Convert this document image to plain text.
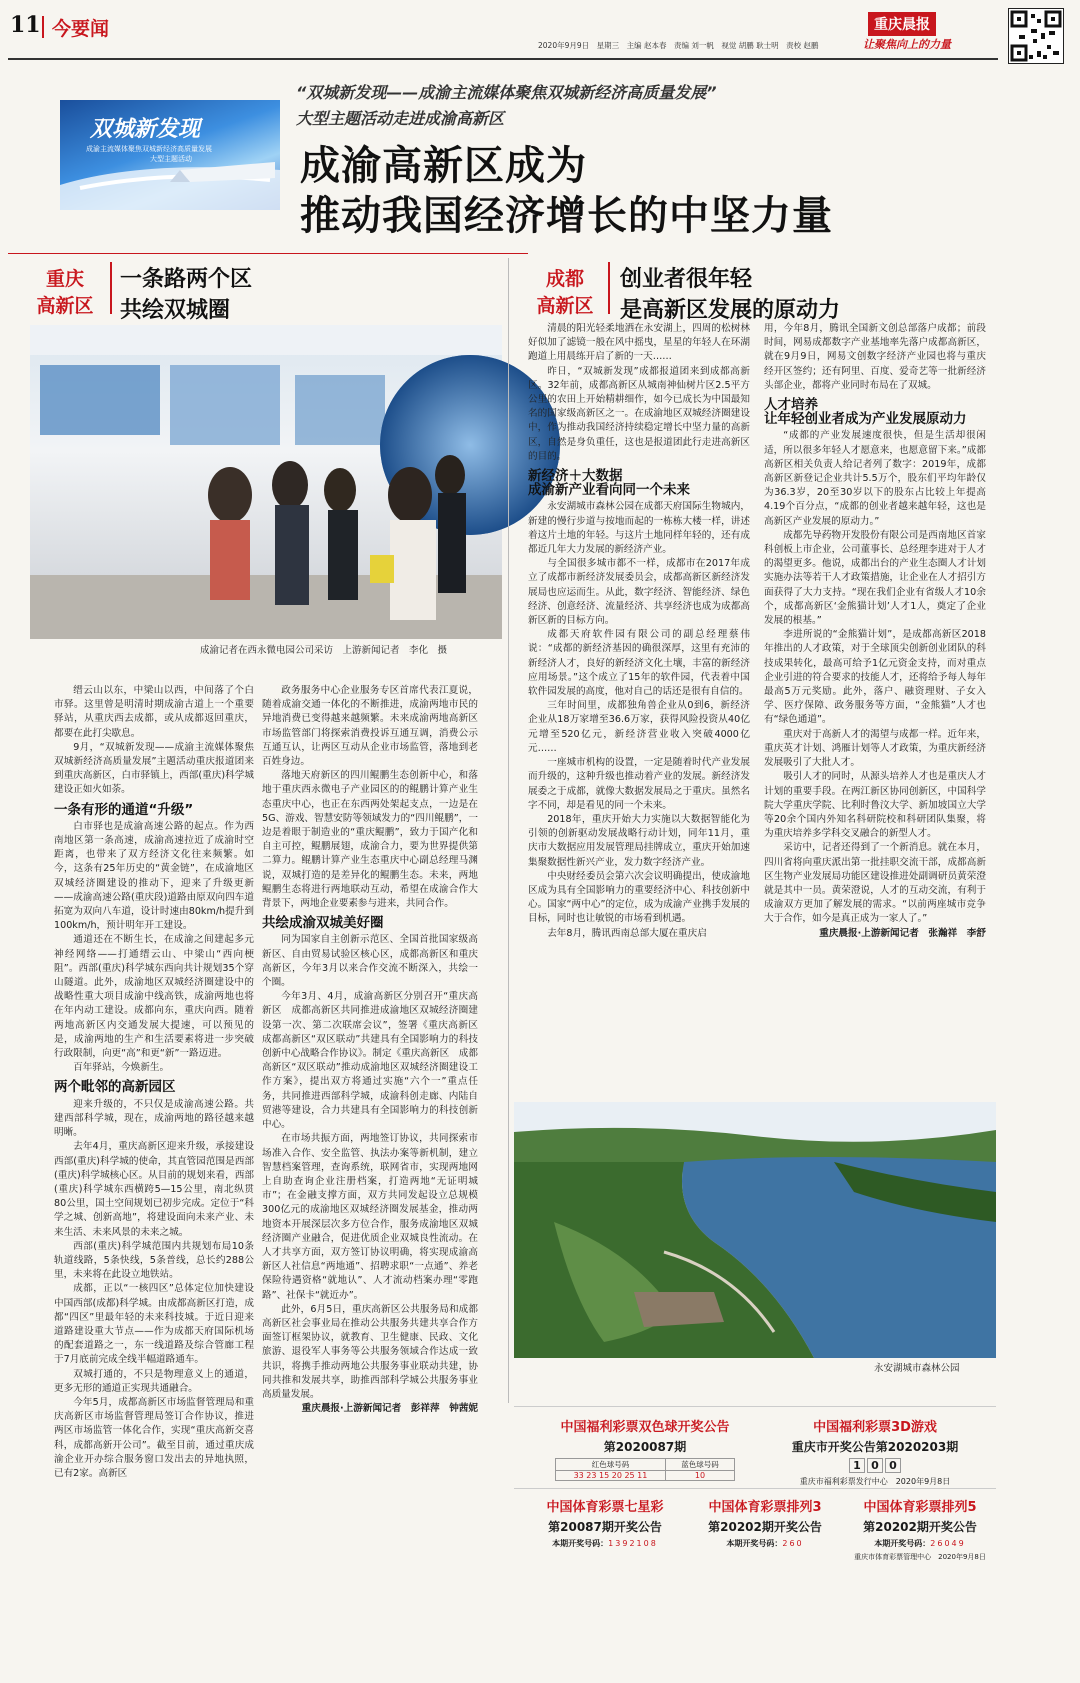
11 今要闻	重庆晨报
2020年9月9日　星期三　主编 赵本春　责编 刘一帆　视觉 胡鹏 耿士明　责校 赵鹏	让聚焦向上的力量
双城新发现
成渝主流媒体聚焦双城新经济高质量发展
大型主题活动
“双城新发现——成渝主流媒体聚焦双城新经济高质量发展”
大型主题活动走进成渝高新区
成渝高新区成为
推动我国经济增长的中坚力量
重庆
高新区
一条路两个区
共绘双城圈
成渝记者在西永微电园公司采访　上游新闻记者　李化　摄

缙云山以东，中梁山以西，中间落了个白市驿。这里曾是明清时期成渝古道上一个重要驿站，从重庆西去成都，或从成都返回重庆，都要在此打尖歇息。

9月，“双城新发现——成渝主流媒体聚焦双城新经济高质量发展”主题活动重庆报道团来到重庆高新区，白市驿镇上，西部(重庆)科学城建设正如火如荼。

一条有形的通道“升级”

白市驿也是成渝高速公路的起点。作为西南地区第一条高速，成渝高速拉近了成渝时空距离，也带来了双方经济文化往来频繁。如今，这条有25年历史的“黄金链”，在成渝地区双城经济圈建设的推动下，迎来了升级更新——成渝高速公路(重庆段)道路由原双向四车道拓宽为双向八车道，设计时速由80km/h提升到100km/h，预计明年开工建设。

通道还在不断生长，在成渝之间建起多元神经网络——打通缙云山、中梁山“西向梗阻”。西部(重庆)科学城东西向共计规划35个穿山隧道。此外，成渝地区双城经济圈建设中的战略性重大项目成渝中线高铁，成渝两地也将在年内动工建设。成都向东，重庆向西。随着两地高新区内交通发展大提速，可以预见的是，成渝两地的生产和生活要素将进一步突破行政限制，向更“高”和更“新”一路迈进。

百年驿站，今焕新生。

两个毗邻的高新园区

迎来升级的，不只仅是成渝高速公路。共建西部科学城，现在，成渝两地的路径越来越明晰。

去年4月，重庆高新区迎来升级，承接建设西部(重庆)科学城的使命，其直管园范围是西部(重庆)科学城核心区。从目前的规划来看，西部(重庆)科学城东西横跨5—15公里，南北纵贯80公里，国土空间规划已初步完成。定位于“科学之城、创新高地”，将建设面向未来产业、未来生活、未来风景的未来之城。

西部(重庆)科学城范围内共规划布局10条轨道线路，5条快线，5条普线，总长约288公里，未来将在此设立地铁站。

成都，正以“一核四区”总体定位加快建设中国西部(成都)科学城。由成都高新区打造，成都“四区”里最年轻的未来科技城。于近日迎来道路建设重大节点——作为成都天府国际机场的配套道路之一，东一线道路及综合管廊工程于7月底前完成全线半幅道路通车。

双城打通的，不只是物理意义上的通道，更多无形的通道正实现共通融合。

今年5月，成都高新区市场监督管理局和重庆高新区市场监督管理局签订合作协议，推进两区市场监管一体化合作，实现“重庆高新交喜科，成都高新开公司”。截至目前，通过重庆成渝企业开办综合服务窗口发出去的异地执照，已有2家。高新区

政务服务中心企业服务专区首席代表江夏说，随着成渝交通一体化的不断推进，成渝两地市民的异地消费已变得越来越频繁。未来成渝两地高新区市场监管部门将探索消费投诉互通互调，消费公示互通互认，让两区互动从企业市场监管，落地到老百姓身边。

落地天府新区的四川鲲鹏生态创新中心，和落地于重庆西永微电子产业园区的的鲲鹏计算产业生态重庆中心，也正在东西两处架起支点，一边是在5G、游戏、智慧安防等领域发力的“四川鲲鹏”，一边是着眼于制造业的“重庆鲲鹏”，致力于国产化和自主可控，鲲鹏展翅，成渝合力，要为世界提供第二算力。鲲鹏计算产业生态重庆中心副总经理马渊说，双城打造的是差异化的鲲鹏生态。未来，两地鲲鹏生态将进行两地联动互动，希望在成渝合作大背景下，两地企业要素参与进来，共同合作。

共绘成渝双城美好圈

同为国家自主创新示范区、全国首批国家级高新区、自由贸易试验区核心区，成都高新区和重庆高新区，今年3月以来合作交流不断深入，共绘一个圈。

今年3月、4月，成渝高新区分别召开“重庆高新区　成都高新区共同推进成渝地区双城经济圈建设第一次、第二次联席会议”，签署《重庆高新区　成都高新区“双区联动”共建具有全国影响力的科技创新中心战略合作协议》。制定《重庆高新区　成都高新区“双区联动”推动成渝地区双城经济圈建设工作方案》，提出双方将通过实施“六个一”重点任务，共同推进西部科学城，成渝科创走廊、内陆自贸港等建设，合力共建具有全国影响力的科技创新中心。

在市场共振方面，两地签订协议，共同探索市场准入合作、安全监管、执法办案等新机制，建立智慧档案管理，查询系统，联网省市，实现两地网上自助查询企业注册档案，打造两地“无证明城市”；在金融支撑方面，双方共同发起设立总规模300亿元的成渝地区双城经济圈发展基金，推动两地资本开展深层次多方位合作，服务成渝地区双城经济圈产业融合，促进优质企业双城良性流动。在人才共享方面，双方签订协议明确，将实现成渝高新区人社信息“两地通”、招聘求职“一点通”、养老保险待遇资格“就地认”、人才流动档案办理“零跑路”、社保卡“就近办”。

此外，6月5日，重庆高新区公共服务局和成都高新区社会事业局在推动公共服务共建共享合作方面签订框架协议，就教育、卫生健康、民政、文化旅游、退役军人事务等公共服务领域合作达成一致共识，将携手推动两地公共服务事业联动共建，协同共推和发展共享，助推西部科学城公共服务事业高质量发展。

重庆晨报·上游新闻记者　彭祥萍　钟茜妮

成都
高新区
创业者很年轻
是高新区发展的原动力

清晨的阳光轻柔地洒在永安湖上，四周的松树林好似加了滤镜一般在风中摇曳，星星的年轻人在环湖跑道上用晨练开启了新的一天……

昨日，“双城新发现”成都报道团来到成都高新区。32年前，成都高新区从城南神仙树片区2.5平方公里的农田上开始精耕细作，如今已成长为中国最知名的国家级高新区之一。在成渝地区双城经济圈建设中，作为推动我国经济持续稳定增长中坚力量的高新区，自然是身负重任，这也是报道团此行走进高新区的目的。

新经济＋大数据
成渝新产业看向同一个未来

永安湖城市森林公园在成都天府国际生物城内，新建的慢行步道与按地而起的一栋栋大楼一样，讲述着这片土地的年轻。与这片土地同样年轻的，还有成都近几年大力发展的新经济产业。

与全国很多城市都不一样，成都市在2017年成立了成都市新经济发展委员会，成都高新区新经济发展局也应运而生。从此，数字经济、智能经济、绿色经济、创意经济、流量经济、共享经济也成为成都高新区新的目标方向。

成都天府软件园有限公司的副总经理蔡伟说：“成都的新经济基因的确很深厚，这里有充沛的新经济人才，良好的新经济文化土壤，丰富的新经济应用场景。”这个成立了15年的软件园，代表着中国软件园发展的高度，他对自己的话还是很有自信的。

三年时间里，成都独角兽企业从0到6，新经济企业从18万家增至36.6万家，获得风险投资从40亿元增至520亿元，新经济营业收入突破4000亿元……

一座城市机构的设置，一定是随着时代产业发展而升级的，这种升级也推动着产业的发展。新经济发展委之于成都，就像大数据发展局之于重庆。虽然名字不同，却是看见的同一个未来。

2018年，重庆开始大力实施以大数据智能化为引领的创新驱动发展战略行动计划，同年11月，重庆市大数据应用发展管理局挂牌成立，重庆开始加速集聚数据性新兴产业，发力数字经济产业。

中央财经委员会第六次会议明确提出，使成渝地区成为具有全国影响力的重要经济中心、科技创新中心。国家“两中心”的定位，成为成渝产业携手发展的目标，同时也让敏锐的市场看到机遇。

去年8月，腾讯西南总部大厦在重庆启

用，今年8月，腾讯全国新文创总部落户成都；前段时间，网易成都数字产业基地率先落户成都高新区，就在9月9日，网易文创数字经济产业园也将与重庆经开区签约；还有阿里、百度、爱奇艺等一批新经济头部企业，都将产业同时布局在了双城。

人才培养
让年轻创业者成为产业发展原动力

“成都的产业发展速度很快，但是生活却很闲适，所以很多年轻人才愿意来，也愿意留下来。”成都高新区相关负责人给记者列了数字：2019年，成都高新区新登记企业共计5.5万个，股东们平均年龄仅为36.3岁，20至30岁以下的股东占比较上年提高4.19个百分点，“成都的创业者越来越年轻，这也是高新区产业发展的原动力。”

成都先导药物开发股份有限公司是西南地区首家科创板上市企业，公司董事长、总经理李进对于人才的渴望更多。他说，成都出台的产业生态圈人才计划实施办法等若干人才政策措施，让企业在人才招引方面获得了大力支持。“现在我们企业有省级人才10余个，成都高新区‘金熊猫计划’人才1人，奠定了企业发展的根基。”

李进所说的“金熊猫计划”，是成都高新区2018年推出的人才政策，对于全球顶尖创新创业团队的科技成果转化，最高可给予1亿元资金支持，而对重点企业引进的符合要求的技能人才，还将给予每人每年最高5万元奖励。此外，落户、融资理财、子女入学、医疗保障、政务服务等方面，“金熊猫”人才也有“绿色通道”。

重庆对于高新人才的渴望与成都一样。近年来，重庆英才计划、鸿雁计划等人才政策，为重庆新经济发展吸引了大批人才。

吸引人才的同时，从源头培养人才也是重庆人才计划的重要手段。在两江新区协同创新区，中国科学院大学重庆学院、比利时鲁汶大学、新加坡国立大学等20余个国内外知名科研院校和科研团队集聚，将为重庆培养多学科交叉融合的新型人才。

采访中，记者还得到了一个新消息。就在本月，四川省将向重庆派出第一批挂职交流干部，成都高新区生物产业发展局功能区建设推进处副调研员黄荣澄就是其中一员。黄荣澄说，人才的互动交流，有利于成渝双方更加了解发展的需求。“以前两座城市竞争大于合作，如今是真正成为一家人了。”

重庆晨报·上游新闻记者　张瀚祥　李舒

永安湖城市森林公园
中国福利彩票双色球开奖公告
第2020087期
红色球号码
33 23 15 20 25 11
蓝色球号码
10
中国福利彩票3D游戏
重庆市开奖公告第2020203期
1 0 0
重庆市福利彩票发行中心　2020年9月8日
中国体育彩票七星彩
第20087期开奖公告
本期开奖号码：1392108
中国体育彩票排列3
第20202期开奖公告
本期开奖号码：260
中国体育彩票排列5
第20202期开奖公告
本期开奖号码：26049
重庆市体育彩票管理中心　2020年9月8日
